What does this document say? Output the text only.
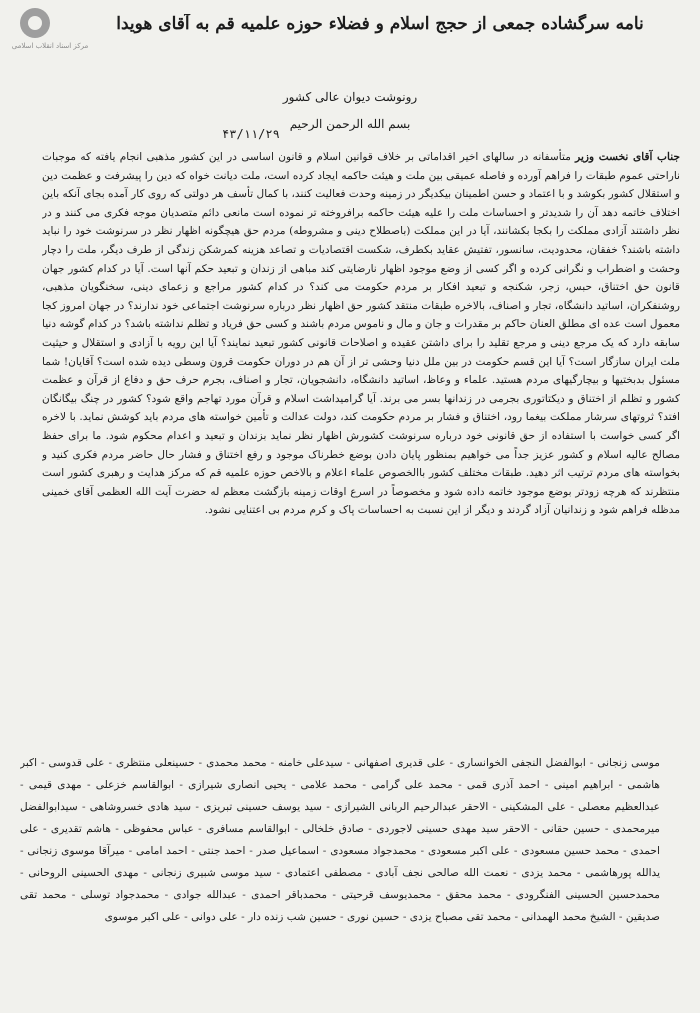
مرکز اسناد انقلاب اسلامی
نامه سرگشاده جمعی از حجج اسلام و فضلاء حوزه علمیه قم به آقای هویدا
رونوشت دیوان عالی کشور
بسم الله الرحمن الرحیم
۴۳/۱۱/۲۹

جناب آقای نخست وزیر متأسفانه در سالهای اخیر اقداماتی بر خلاف قوانین اسلام و قانون اساسی در این کشور مذهبی انجام یافته که موجبات ناراحتی عموم طبقات را فراهم آورده و فاصله عمیقی بین ملت و هیئت حاکمه ایجاد کرده است، ملت دیانت خواه که دین را پیشرفت و عظمت دین و استقلال کشور بکوشد و با اعتماد و حسن اطمینان بیکدیگر در زمینه وحدت فعالیت کنند، با کمال تأسف هر دولتی که روی کار آمده بجای آنکه باین اختلاف خاتمه دهد آن را شدیدتر و احساسات ملت را علیه هیئت حاکمه برافروخته تر نموده است مانعی دائم متصدیان موجه فکری می کنند و در نظر داشتند آزادی مملکت را بکجا بکشانند، آیا در این مملکت (باصطلاح دینی و مشروطه) مردم حق هیچگونه اظهار نظر در سرنوشت خود را نباید داشته باشند؟ خفقان، محدودیت، سانسور، تفتیش عقاید بکطرف، شکست اقتصادیات و تصاعد هزینه کمرشکن زندگی از طرف دیگر، ملت را دچار وحشت و اضطراب و نگرانی کرده و اگر کسی از وضع موجود اظهار نارضایتی کند مباهی از زندان و تبعید حکم آنها است. آیا در کدام کشور جهان قانون حق اختناق، حبس، زجر، شکنجه و تبعید افکار بر مردم حکومت می کند؟ در کدام کشور مراجع و زعمای دینی، سخنگویان مذهبی، روشنفکران، اساتید دانشگاه، تجار و اصناف، بالاخره طبقات منتقد کشور حق اظهار نظر درباره سرنوشت اجتماعی خود ندارند؟ در جهان امروز کجا معمول است عده ای مطلق العنان حاکم بر مقدرات و جان و مال و ناموس مردم باشند و کسی حق فریاد و تظلم نداشته باشد؟ در کدام گوشه دنیا سابقه دارد که یک مرجع دینی و مرجع تقلید را برای داشتن عقیده و اصلاحات قانونی کشور تبعید نمایند؟ آیا این رویه با آزادی و استقلال و حیثیت ملت ایران سازگار است؟ آیا این قسم حکومت در بین ملل دنیا وحشی تر از آن هم در دوران حکومت قرون وسطی دیده شده است؟ آقایان! شما مسئول بدبختیها و بیچارگیهای مردم هستید. علماء و وعاظ، اساتید دانشگاه، دانشجویان، تجار و اصناف، بجرم حرف حق و دفاع از قرآن و عظمت کشور و تظلم از اختناق و دیکتاتوری بجرمی در زندانها بسر می برند. آیا گرامیداشت اسلام و قرآن مورد تهاجم واقع شود؟ کشور در چنگ بیگانگان افتد؟ ثروتهای سرشار مملکت بیغما رود، اختناق و فشار بر مردم حکومت کند، دولت عدالت و تأمین خواسته های مردم باید کوشش نماید. با لاخره اگر کسی خواست با استفاده از حق قانونی خود درباره سرنوشت کشورش اظهار نظر نماید بزندان و تبعید و اعدام محکوم شود. ما برای حفظ مصالح عالیه اسلام و کشور عزیز جداً می خواهیم بمنظور پایان دادن بوضع خطرناک موجود و رفع اختناق و فشار حال حاضر مردم فکری کنید و بخواسته های مردم ترتیب اثر دهید. طبقات مختلف کشور باالخصوص علماء اعلام و بالاخص حوزه علمیه قم که مرکز هدایت و رهبری کشور است منتظرند که هرچه زودتر بوضع موجود خاتمه داده شود و مخصوصاً در اسرع اوقات زمینه بازگشت معظم له حضرت آیت الله العظمی آقای خمینی مدظله فراهم شود و زندانیان آزاد گردند و دیگر از این نسبت به احساسات پاک و کرم مردم بی اعتنایی نشود.

موسی زنجانی - ابوالفضل النجفی الخوانساری - علی قدیری اصفهانی - سیدعلی خامنه - محمد محمدی - حسینعلی منتظری - علی قدوسی - اکبر هاشمی - ابراهیم امینی - احمد آذری قمی - محمد علی گرامی - محمد علامی - یحیی انصاری شیرازی - ابوالقاسم خزعلی - مهدی قیمی - عبدالعظیم معصلی - علی المشکینی - الاحقر عبدالرحیم الربانی الشیرازی - سید یوسف حسینی تبریزی - سید هادی خسروشاهی - سیدابوالفضل میرمحمدی - حسین حقانی - الاحقر سید مهدی حسینی لاجوردی - صادق خلخالی - ابوالقاسم مسافری - عباس محفوظی - هاشم تقدیری - علی احمدی - محمد حسین مسعودی - علی اکبر مسعودی - محمدجواد مسعودی - اسماعیل صدر - احمد جنتی - احمد امامی - میرآقا موسوی زنجانی - یدالله پورهاشمی - محمد یزدی - نعمت الله صالحی نجف آبادی - مصطفی اعتمادی - سید موسی شبیری زنجانی - مهدی الحسینی الروحانی - محمدحسین الحسینی الفنگرودی - محمد محقق - محمدیوسف قرحیتی - محمدباقر احمدی - عبدالله جوادی - محمدجواد توسلی - محمد تقی صدیقین - الشیخ محمد الهمدانی - محمد تقی مصباح یزدی - حسین نوری - حسین شب زنده دار - علی دوانی - علی اکبر موسوی
